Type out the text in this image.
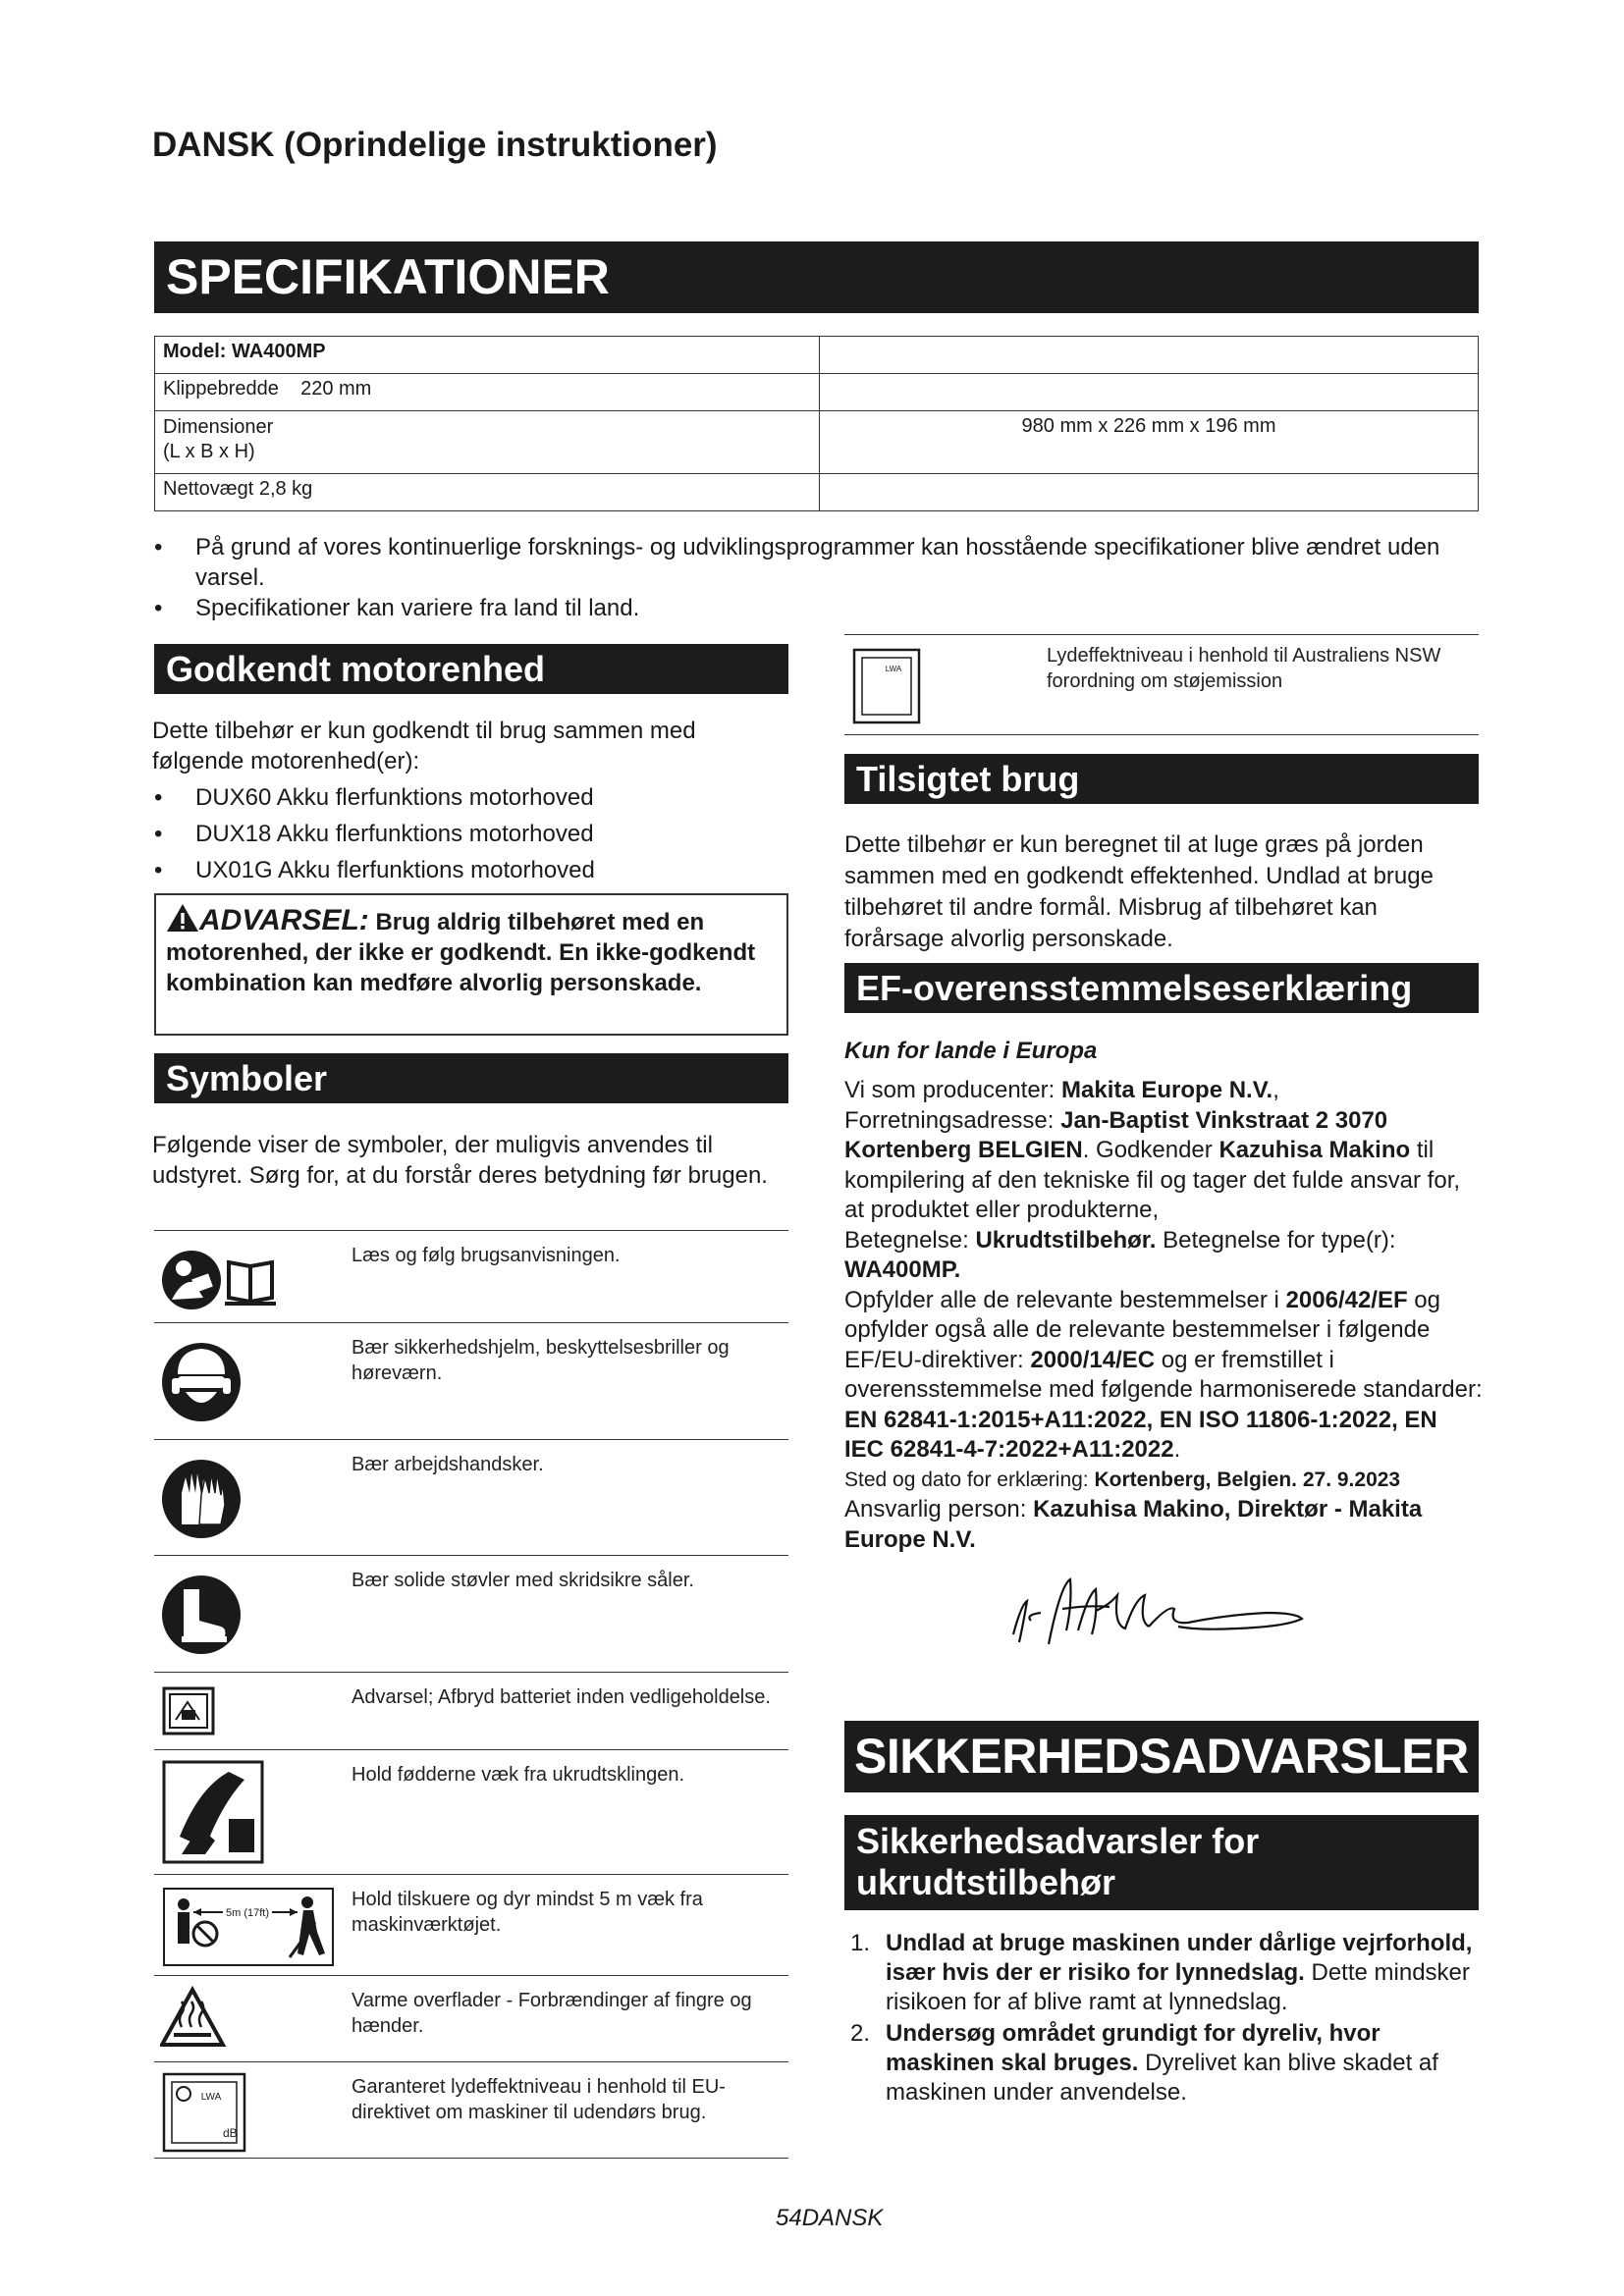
DANSK (Oprindelige instruktioner)
SPECIFIKATIONER
Model: WA400MP	
Klippebredde    220 mm	
Dimensioner
(L x B x H)	980 mm x 226 mm x 196 mm
Nettovægt 2,8 kg	
• På grund af vores kontinuerlige forsknings- og udviklingsprogrammer kan hosstående specifikationer blive ændret uden varsel.
• Specifikationer kan variere fra land til land.
Godkendt motorenhed
Dette tilbehør er kun godkendt til brug sammen med følgende motorenhed(er):
• DUX60 Akku flerfunktions motorhoved
• DUX18 Akku flerfunktions motorhoved
• UX01G Akku flerfunktions motorhoved
ADVARSEL: Brug aldrig tilbehøret med en motorenhed, der ikke er godkendt. En ikke-godkendt kombination kan medføre alvorlig personskade.
Symboler
Følgende viser de symboler, der muligvis anvendes til udstyret. Sørg for, at du forstår deres betydning før brugen.
Læs og følg brugsanvisningen.
Bær sikkerhedshjelm, beskyttelsesbriller og høreværn.
Bær arbejdshandsker.
Bær solide støvler med skridsikre såler.
Advarsel; Afbryd batteriet inden vedligeholdelse.
Hold fødderne væk fra ukrudtsklingen.
5m (17ft)
Hold tilskuere og dyr mindst 5 m væk fra maskinværktøjet.
Varme overflader - Forbrændinger af fingre og hænder.
LWA
dB
Garanteret lydeffektniveau i henhold til EU-direktivet om maskiner til udendørs brug.
LWA
Lydeffektniveau i henhold til Australiens NSW forordning om støjemission
Tilsigtet brug
Dette tilbehør er kun beregnet til at luge græs på jorden sammen med en godkendt effektenhed. Undlad at bruge tilbehøret til andre formål. Misbrug af tilbehøret kan forårsage alvorlig personskade.
EF-overensstemmelseserklæring
Kun for lande i Europa
Vi som producenter: Makita Europe N.V., Forretningsadresse: Jan-Baptist Vinkstraat 2 3070 Kortenberg BELGIEN. Godkender Kazuhisa Makino til kompilering af den tekniske fil og tager det fulde ansvar for, at produktet eller produkterne,
Betegnelse: Ukrudtstilbehør. Betegnelse for type(r): WA400MP.
Opfylder alle de relevante bestemmelser i 2006/42/EF og opfylder også alle de relevante bestemmelser i følgende EF/EU-direktiver: 2000/14/EC og er fremstillet i overensstemmelse med følgende harmoniserede standarder: EN 62841-1:2015+A11:2022, EN ISO 11806-1:2022, EN IEC 62841-4-7:2022+A11:2022.
Sted og dato for erklæring: Kortenberg, Belgien. 27. 9.2023
Ansvarlig person: Kazuhisa Makino, Direktør - Makita Europe N.V.
SIKKERHEDSADVARSLER
Sikkerhedsadvarsler for ukrudtstilbehør
1. Undlad at bruge maskinen under dårlige vejrforhold, især hvis der er risiko for lynnedslag. Dette mindsker risikoen for af blive ramt at lynnedslag.
2. Undersøg området grundigt for dyreliv, hvor maskinen skal bruges. Dyrelivet kan blive skadet af maskinen under anvendelse.
54DANSK
